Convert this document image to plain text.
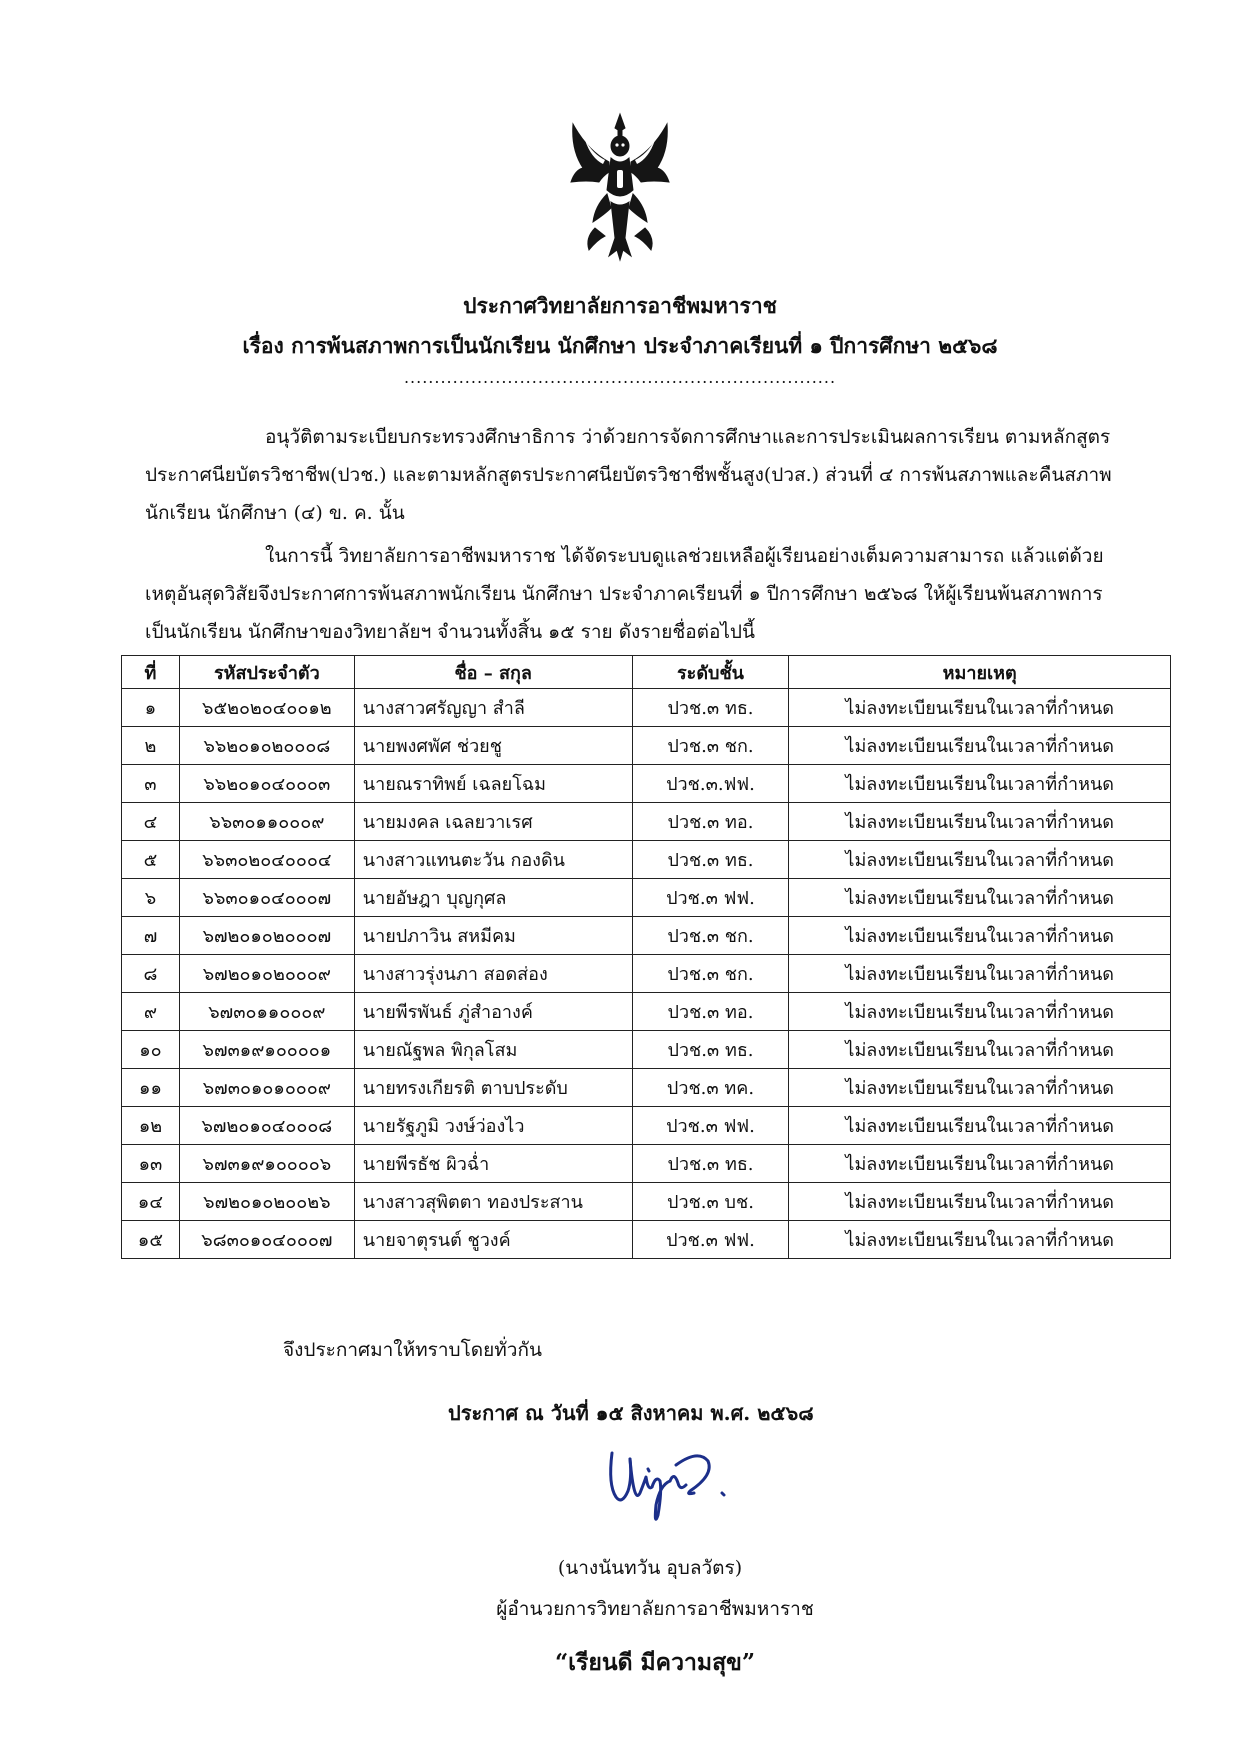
ประกาศวิทยาลัยการอาชีพมหาราช
เรื่อง การพ้นสภาพการเป็นนักเรียน นักศึกษา ประจำภาคเรียนที่ ๑ ปีการศึกษา ๒๕๖๘
.......................................................................

อนุวัติตามระเบียบกระทรวงศึกษาธิการ ว่าด้วยการจัดการศึกษาและการประเมินผลการเรียน ตามหลักสูตรประกาศนียบัตรวิชาชีพ(ปวช.) และตามหลักสูตรประกาศนียบัตรวิชาชีพชั้นสูง(ปวส.) ส่วนที่ ๔ การพ้นสภาพและคืนสภาพนักเรียน นักศึกษา (๔) ข. ค. นั้น

ในการนี้ วิทยาลัยการอาชีพมหาราช ได้จัดระบบดูแลช่วยเหลือผู้เรียนอย่างเต็มความสามารถ แล้วแต่ด้วยเหตุอันสุดวิสัยจึงประกาศการพ้นสภาพนักเรียน นักศึกษา ประจำภาคเรียนที่ ๑ ปีการศึกษา ๒๕๖๘ ให้ผู้เรียนพ้นสภาพการเป็นนักเรียน นักศึกษาของวิทยาลัยฯ จำนวนทั้งสิ้น ๑๕ ราย ดังรายชื่อต่อไปนี้

ที่	รหัสประจำตัว	ชื่อ – สกุล	ระดับชั้น	หมายเหตุ
๑	๖๕๒๐๒๐๔๐๐๑๒	นางสาวศรัญญา สำลี	ปวช.๓ ทธ.	ไม่ลงทะเบียนเรียนในเวลาที่กำหนด
๒	๖๖๒๐๑๐๒๐๐๐๘	นายพงศพัศ ช่วยชู	ปวช.๓ ชก.	ไม่ลงทะเบียนเรียนในเวลาที่กำหนด
๓	๖๖๒๐๑๐๔๐๐๐๓	นายณราทิพย์ เฉลยโฉม	ปวช.๓.ฟฟ.	ไม่ลงทะเบียนเรียนในเวลาที่กำหนด
๔	๖๖๓๐๑๑๐๐๐๙	นายมงคล เฉลยวาเรศ	ปวช.๓ ทอ.	ไม่ลงทะเบียนเรียนในเวลาที่กำหนด
๕	๖๖๓๐๒๐๔๐๐๐๔	นางสาวแทนตะวัน กองดิน	ปวช.๓ ทธ.	ไม่ลงทะเบียนเรียนในเวลาที่กำหนด
๖	๖๖๓๐๑๐๔๐๐๐๗	นายอัษฎา บุญกุศล	ปวช.๓ ฟฟ.	ไม่ลงทะเบียนเรียนในเวลาที่กำหนด
๗	๖๗๒๐๑๐๒๐๐๐๗	นายปภาวิน สหมีคม	ปวช.๓ ชก.	ไม่ลงทะเบียนเรียนในเวลาที่กำหนด
๘	๖๗๒๐๑๐๒๐๐๐๙	นางสาวรุ่งนภา สอดส่อง	ปวช.๓ ชก.	ไม่ลงทะเบียนเรียนในเวลาที่กำหนด
๙	๖๗๓๐๑๑๐๐๐๙	นายพีรพันธ์ ภู่สำอางค์	ปวช.๓ ทอ.	ไม่ลงทะเบียนเรียนในเวลาที่กำหนด
๑๐	๖๗๓๑๙๑๐๐๐๐๑	นายณัฐพล พิกุลโสม	ปวช.๓ ทธ.	ไม่ลงทะเบียนเรียนในเวลาที่กำหนด
๑๑	๖๗๓๐๑๐๑๐๐๐๙	นายทรงเกียรติ ตาบประดับ	ปวช.๓ ทค.	ไม่ลงทะเบียนเรียนในเวลาที่กำหนด
๑๒	๖๗๒๐๑๐๔๐๐๐๘	นายรัฐภูมิ วงษ์ว่องไว	ปวช.๓ ฟฟ.	ไม่ลงทะเบียนเรียนในเวลาที่กำหนด
๑๓	๖๗๓๑๙๑๐๐๐๐๖	นายพีรธัช ผิวฉ่ำ	ปวช.๓ ทธ.	ไม่ลงทะเบียนเรียนในเวลาที่กำหนด
๑๔	๖๗๒๐๑๐๒๐๐๒๖	นางสาวสุพิตตา ทองประสาน	ปวช.๓ บช.	ไม่ลงทะเบียนเรียนในเวลาที่กำหนด
๑๕	๖๘๓๐๑๐๔๐๐๐๗	นายจาตุรนต์ ชูวงค์	ปวช.๓ ฟฟ.	ไม่ลงทะเบียนเรียนในเวลาที่กำหนด
จึงประกาศมาให้ทราบโดยทั่วกัน
ประกาศ ณ วันที่ ๑๕ สิงหาคม พ.ศ. ๒๕๖๘
(นางนันทวัน อุบลวัตร)
ผู้อำนวยการวิทยาลัยการอาชีพมหาราช
“เรียนดี มีความสุข”
